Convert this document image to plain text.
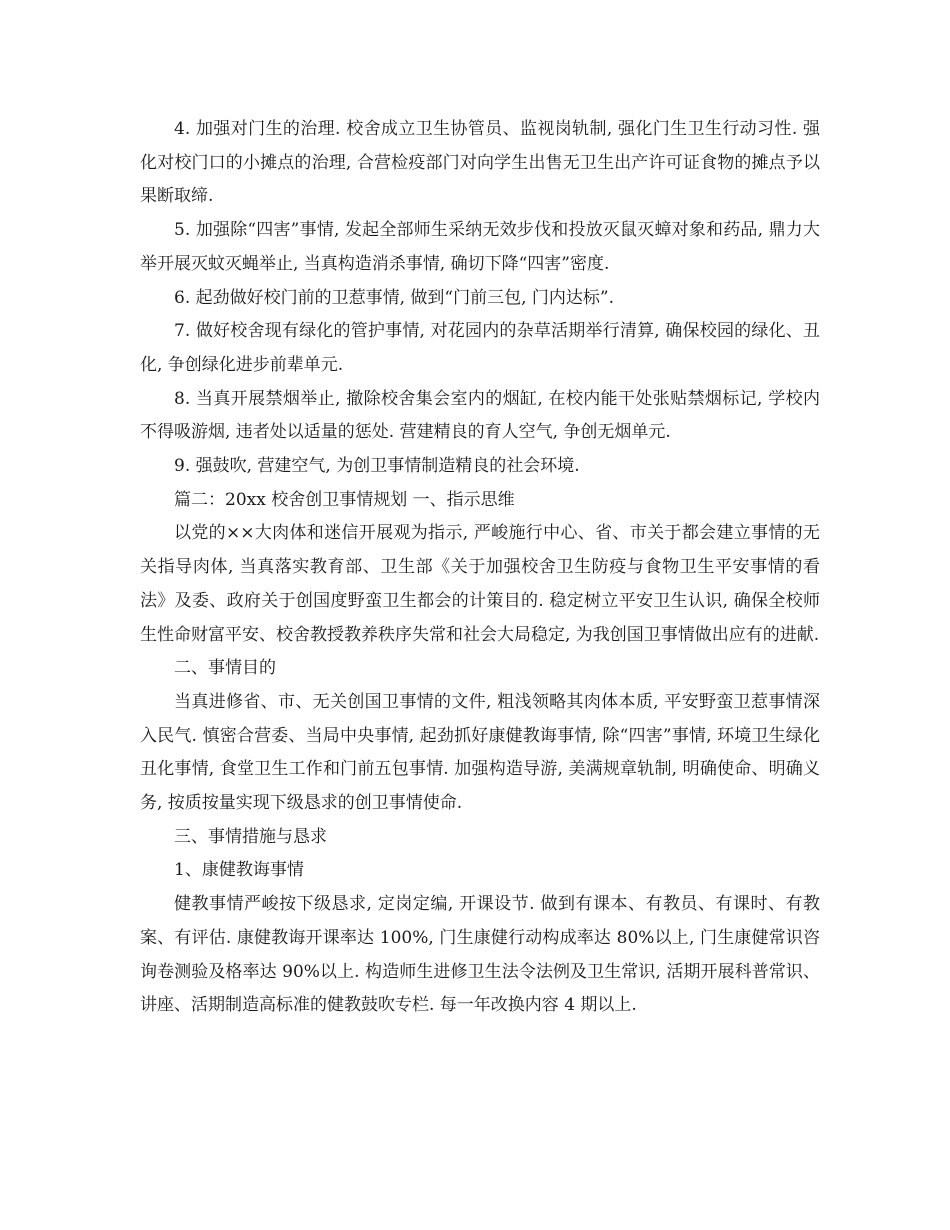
4. 加强对门生的治理. 校舍成立卫生协管员、监视岗轨制, 强化门生卫生行动习性. 强化对校门口的小摊点的治理, 合营检疫部门对向学生出售无卫生出产许可证食物的摊点予以果断取缔.

5. 加强除“四害”事情, 发起全部师生采纳无效步伐和投放灭鼠灭蟑对象和药品, 鼎力大举开展灭蚊灭蝇举止, 当真构造消杀事情, 确切下降“四害”密度.

6. 起劲做好校门前的卫惹事情, 做到“门前三包, 门内达标”.

7. 做好校舍现有绿化的管护事情, 对花园内的杂草活期举行清算, 确保校园的绿化、丑化, 争创绿化进步前辈单元.

8. 当真开展禁烟举止, 撤除校舍集会室内的烟缸, 在校内能干处张贴禁烟标记, 学校内不得吸游烟, 违者处以适量的惩处. 营建精良的育人空气, 争创无烟单元.

9. 强鼓吹, 营建空气, 为创卫事情制造精良的社会环境.

篇二：20xx 校舍创卫事情规划 一、指示思维

以党的××大肉体和迷信开展观为指示, 严峻施行中心、省、市关于都会建立事情的无关指导肉体, 当真落实教育部、卫生部《关于加强校舍卫生防疫与食物卫生平安事情的看法》及委、政府关于创国度野蛮卫生都会的计策目的. 稳定树立平安卫生认识, 确保全校师生性命财富平安、校舍教授教养秩序失常和社会大局稳定, 为我创国卫事情做出应有的进献.

二、事情目的

当真进修省、市、无关创国卫事情的文件, 粗浅领略其肉体本质, 平安野蛮卫惹事情深入民气. 慎密合营委、当局中央事情, 起劲抓好康健教诲事情, 除“四害”事情, 环境卫生绿化丑化事情, 食堂卫生工作和门前五包事情. 加强构造导游, 美满规章轨制, 明确使命、明确义务, 按质按量实现下级恳求的创卫事情使命.

三、事情措施与恳求

1、康健教诲事情

健教事情严峻按下级恳求, 定岗定编, 开课设节. 做到有课本、有教员、有课时、有教案、有评估. 康健教诲开课率达 100%, 门生康健行动构成率达 80%以上, 门生康健常识咨询卷测验及格率达 90%以上. 构造师生进修卫生法令法例及卫生常识, 活期开展科普常识、讲座、活期制造高标准的健教鼓吹专栏. 每一年改换内容 4 期以上.
